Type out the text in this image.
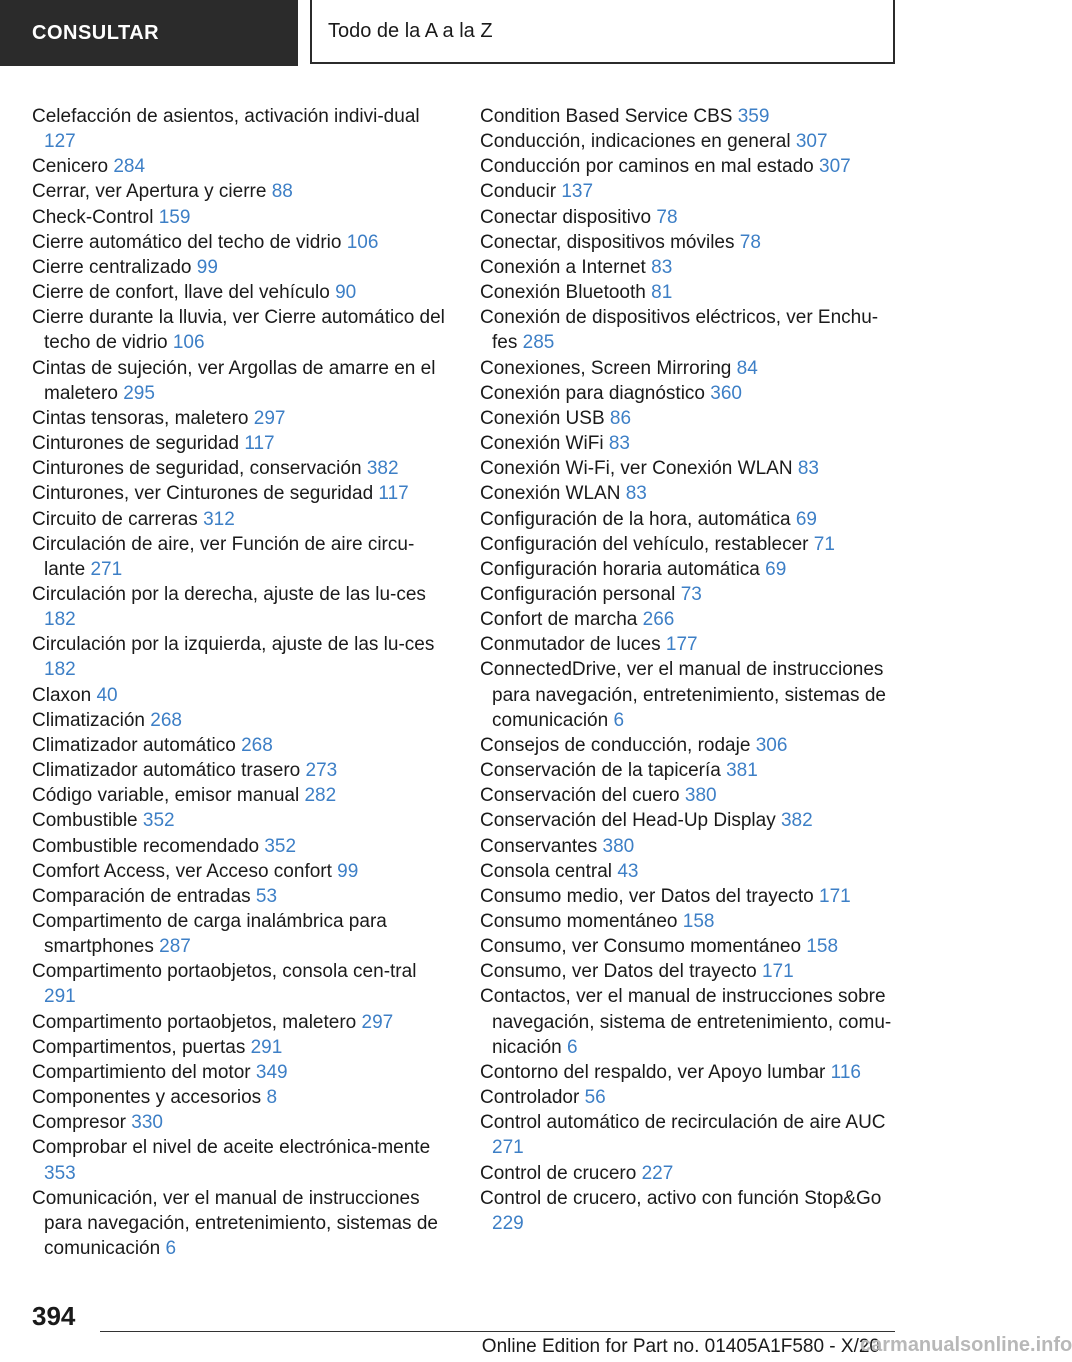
CONSULTAR	Todo de la A a la Z
Celefacción de asientos, activación indivi-dual 127
Cenicero 284
Cerrar, ver Apertura y cierre 88
Check-Control 159
Cierre automático del techo de vidrio 106
Cierre centralizado 99
Cierre de confort, llave del vehículo 90
Cierre durante la lluvia, ver Cierre automático del techo de vidrio 106
Cintas de sujeción, ver Argollas de amarre en el maletero 295
Cintas tensoras, maletero 297
Cinturones de seguridad 117
Cinturones de seguridad, conservación 382
Cinturones, ver Cinturones de seguridad 117
Circuito de carreras 312
Circulación de aire, ver Función de aire circu-lante 271
Circulación por la derecha, ajuste de las lu-ces 182
Circulación por la izquierda, ajuste de las lu-ces 182
Claxon 40
Climatización 268
Climatizador automático 268
Climatizador automático trasero 273
Código variable, emisor manual 282
Combustible 352
Combustible recomendado 352
Comfort Access, ver Acceso confort 99
Comparación de entradas 53
Compartimento de carga inalámbrica para smartphones 287
Compartimento portaobjetos, consola cen-tral 291
Compartimento portaobjetos, maletero 297
Compartimentos, puertas 291
Compartimiento del motor 349
Componentes y accesorios 8
Compresor 330
Comprobar el nivel de aceite electrónica-mente 353
Comunicación, ver el manual de instrucciones para navegación, entretenimiento, sistemas de comunicación 6
Condition Based Service CBS 359
Conducción, indicaciones en general 307
Conducción por caminos en mal estado 307
Conducir 137
Conectar dispositivo 78
Conectar, dispositivos móviles 78
Conexión a Internet 83
Conexión Bluetooth 81
Conexión de dispositivos eléctricos, ver Enchu-fes 285
Conexiones, Screen Mirroring 84
Conexión para diagnóstico 360
Conexión USB 86
Conexión WiFi 83
Conexión Wi-Fi, ver Conexión WLAN 83
Conexión WLAN 83
Configuración de la hora, automática 69
Configuración del vehículo, restablecer 71
Configuración horaria automática 69
Configuración personal 73
Confort de marcha 266
Conmutador de luces 177
ConnectedDrive, ver el manual de instrucciones para navegación, entretenimiento, sistemas de comunicación 6
Consejos de conducción, rodaje 306
Conservación de la tapicería 381
Conservación del cuero 380
Conservación del Head-Up Display 382
Conservantes 380
Consola central 43
Consumo medio, ver Datos del trayecto 171
Consumo momentáneo 158
Consumo, ver Consumo momentáneo 158
Consumo, ver Datos del trayecto 171
Contactos, ver el manual de instrucciones sobre navegación, sistema de entretenimiento, comu-nicación 6
Contorno del respaldo, ver Apoyo lumbar 116
Controlador 56
Control automático de recirculación de aire AUC 271
Control de crucero 227
Control de crucero, activo con función Stop&Go 229
394
Online Edition for Part no. 01405A1F580 - X/20
carmanualsonline.info
